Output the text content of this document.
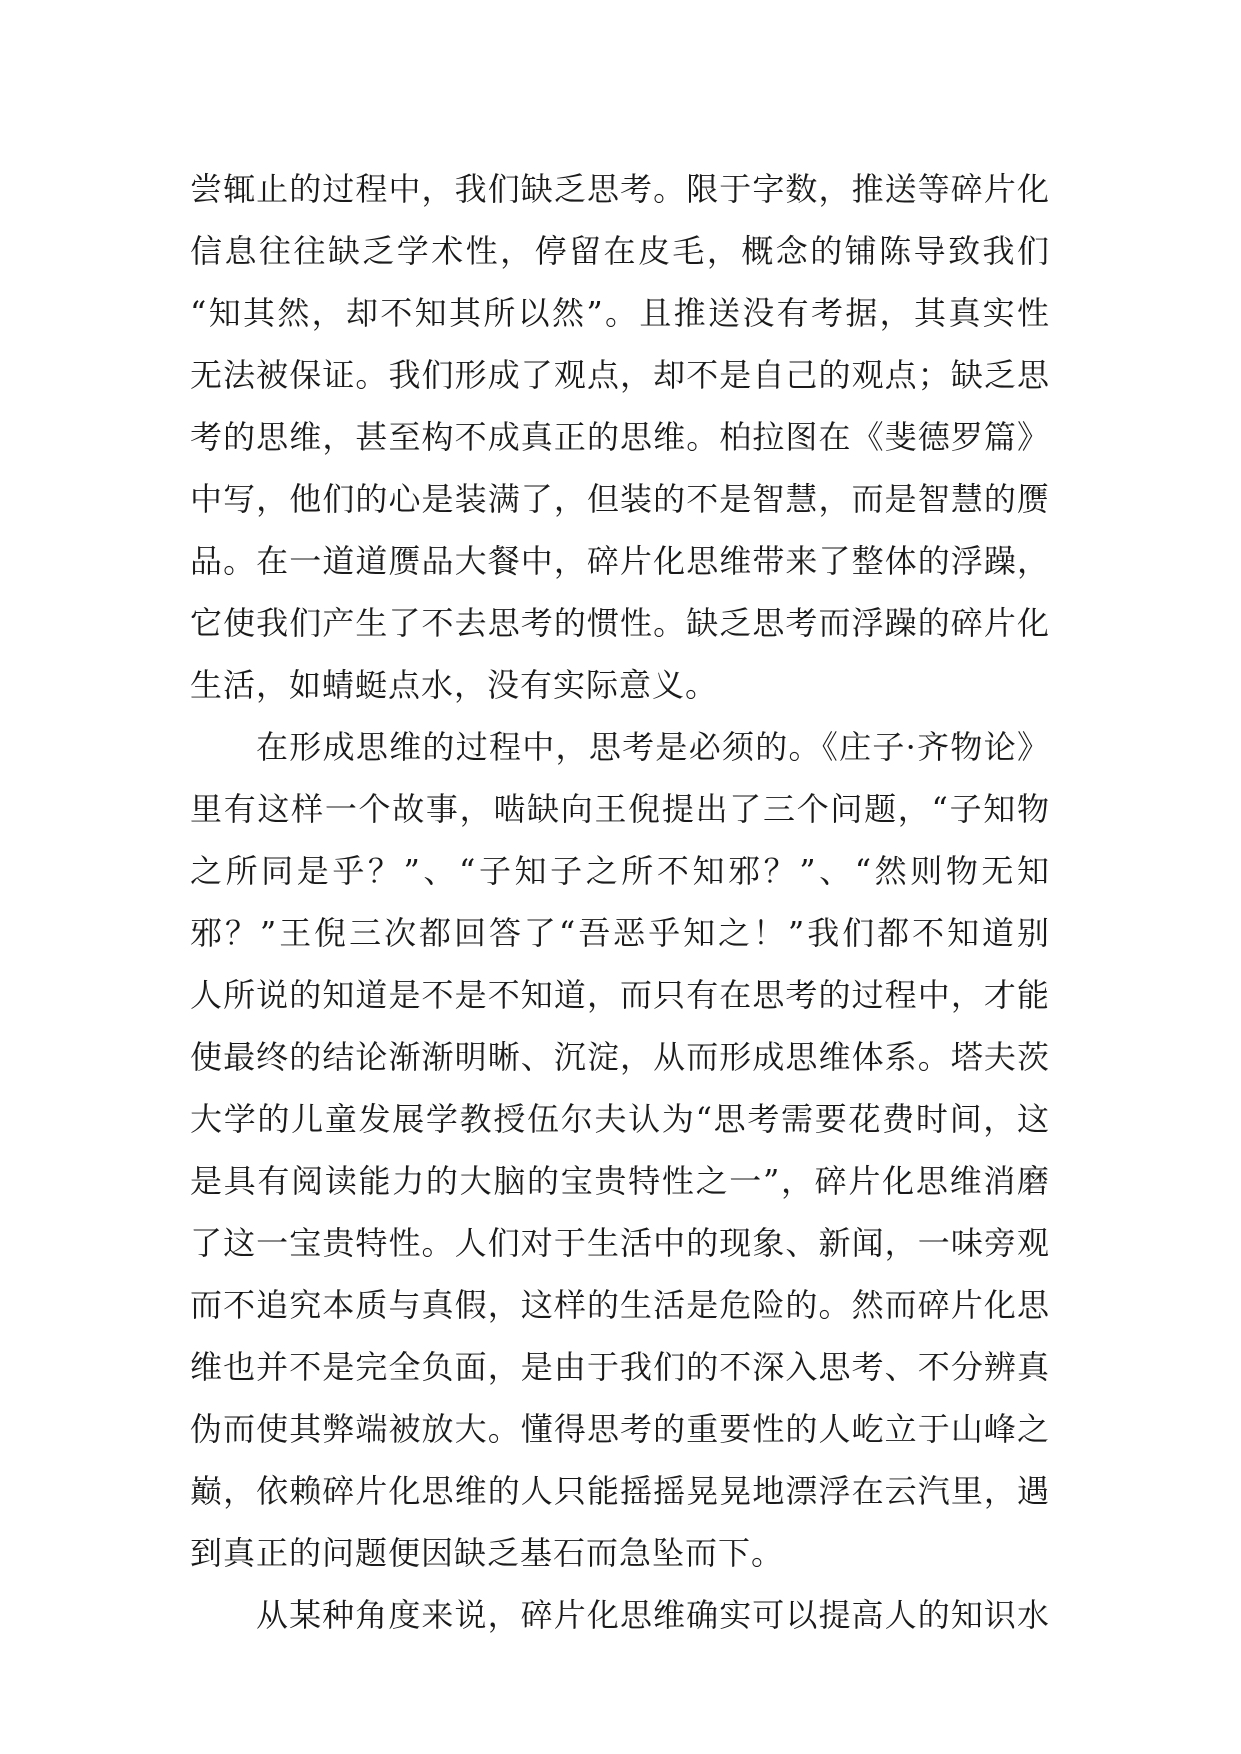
尝辄止的过程中，我们缺乏思考。限于字数，推送等碎片化
信息往往缺乏学术性，停留在皮毛，概念的铺陈导致我们
“知其然，却不知其所以然”。且推送没有考据，其真实性
无法被保证。我们形成了观点，却不是自己的观点；缺乏思
考的思维，甚至构不成真正的思维。柏拉图在《斐德罗篇》
中写，他们的心是装满了，但装的不是智慧，而是智慧的赝
品。在一道道赝品大餐中，碎片化思维带来了整体的浮躁，
它使我们产生了不去思考的惯性。缺乏思考而浮躁的碎片化
生活，如蜻蜓点水，没有实际意义。
在形成思维的过程中，思考是必须的。《庄子·齐物论》
里有这样一个故事，啮缺向王倪提出了三个问题，“子知物
之所同是乎？”、“子知子之所不知邪？”、“然则物无知
邪？”王倪三次都回答了“吾恶乎知之！”我们都不知道别
人所说的知道是不是不知道，而只有在思考的过程中，才能
使最终的结论渐渐明晰、沉淀，从而形成思维体系。塔夫茨
大学的儿童发展学教授伍尔夫认为“思考需要花费时间，这
是具有阅读能力的大脑的宝贵特性之一”，碎片化思维消磨
了这一宝贵特性。人们对于生活中的现象、新闻，一味旁观
而不追究本质与真假，这样的生活是危险的。然而碎片化思
维也并不是完全负面，是由于我们的不深入思考、不分辨真
伪而使其弊端被放大。懂得思考的重要性的人屹立于山峰之
巅，依赖碎片化思维的人只能摇摇晃晃地漂浮在云汽里，遇
到真正的问题便因缺乏基石而急坠而下。
从某种角度来说，碎片化思维确实可以提高人的知识水
